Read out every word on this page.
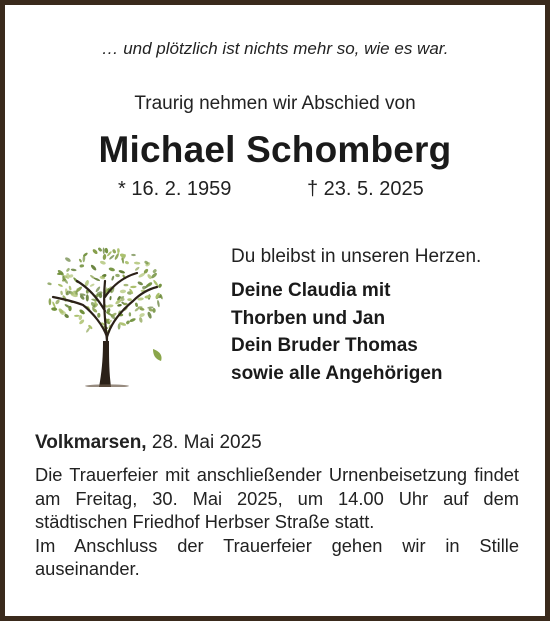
… und plötzlich ist nichts mehr so, wie es war.
Traurig nehmen wir Abschied von
Michael Schomberg
* 16. 2. 1959	† 23. 5. 2025
Du bleibst in unseren Herzen.
Deine Claudia mit
Thorben und Jan
Dein Bruder Thomas
sowie alle Angehörigen
Volkmarsen, 28. Mai 2025

Die Trauerfeier mit anschließender Urnenbeisetzung findet am Freitag, 30. Mai 2025, um 14.00 Uhr auf dem städtischen Friedhof Herbser Straße statt.

Im Anschluss der Trauerfeier gehen wir in Stille auseinander.
